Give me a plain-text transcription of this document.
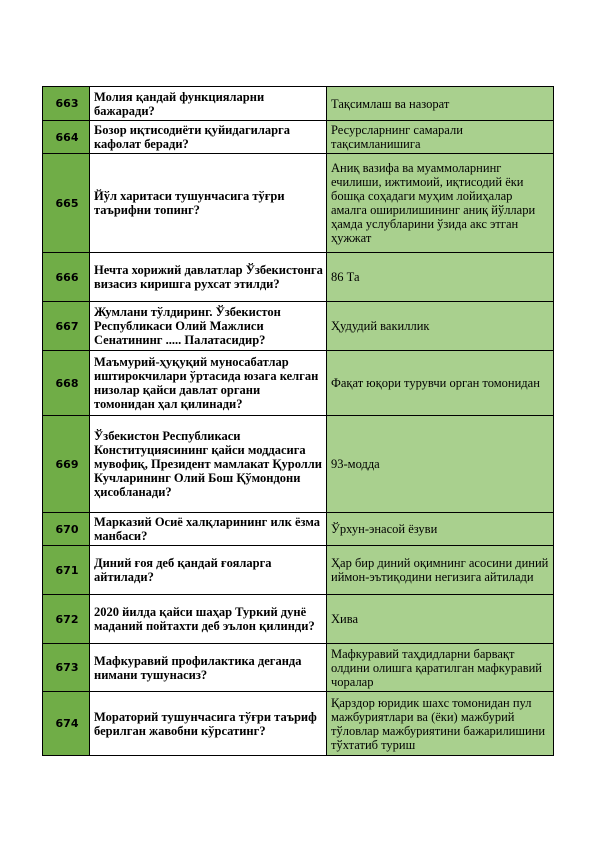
663	Молия қандай функцияларни бажаради?	Тақсимлаш ва назорат
664	Бозор иқтисодиёти қуйидагиларга кафолат беради?	Ресурсларнинг самарали тақсимланишига
665	Йўл харитаси тушунчасига тўғри таърифни топинг?	Аниқ вазифа ва муаммоларнинг ечилиши, ижтимоий, иқтисодий ёки бошқа соҳадаги муҳим лойиҳалар амалга оширилишининг аниқ йўллари ҳамда услубларини ўзида акс этган ҳужжат
666	Нечта хорижий давлатлар Ўзбекистонга визасиз киришга рухсат этилди?	86 Та
667	Жумлани тўлдиринг. Ўзбекистон Республикаси Олий Мажлиси Сенатининг ..... Палатасидир?	Ҳудудий вакиллик
668	Маъмурий-ҳуқуқий муносабатлар иштирокчилари ўртасида юзага келган низолар қайси давлат органи томонидан ҳал қилинади?	Фақат юқори турувчи орган томонидан
669	Ўзбекистон Республикаси Конституциясининг қайси моддасига мувофиқ, Президент мамлакат Қуролли Кучларининг Олий Бош Қўмондони ҳисобланади?	93-модда
670	Марказий Осиё халқларининг илк ёзма манбаси?	Ўрхун-энасой ёзуви
671	Диний ғоя деб қандай ғояларга айтилади?	Ҳар бир диний оқимнинг асосини диний иймон-эътиқодини негизига айтилади
672	2020 йилда қайси шаҳар Туркий дунё маданий пойтахти деб эълон қилинди?	Хива
673	Мафкуравий профилактика деганда нимани тушунасиз?	Мафкуравий таҳдидларни барвақт олдини олишга қаратилган мафкуравий чоралар
674	Мораторий тушунчасига тўғри таъриф берилган жавобни кўрсатинг?	Қарздор юридик шахс томонидан пул мажбуриятлари ва (ёки) мажбурий тўловлар мажбуриятини бажарилишини тўхтатиб туриш
